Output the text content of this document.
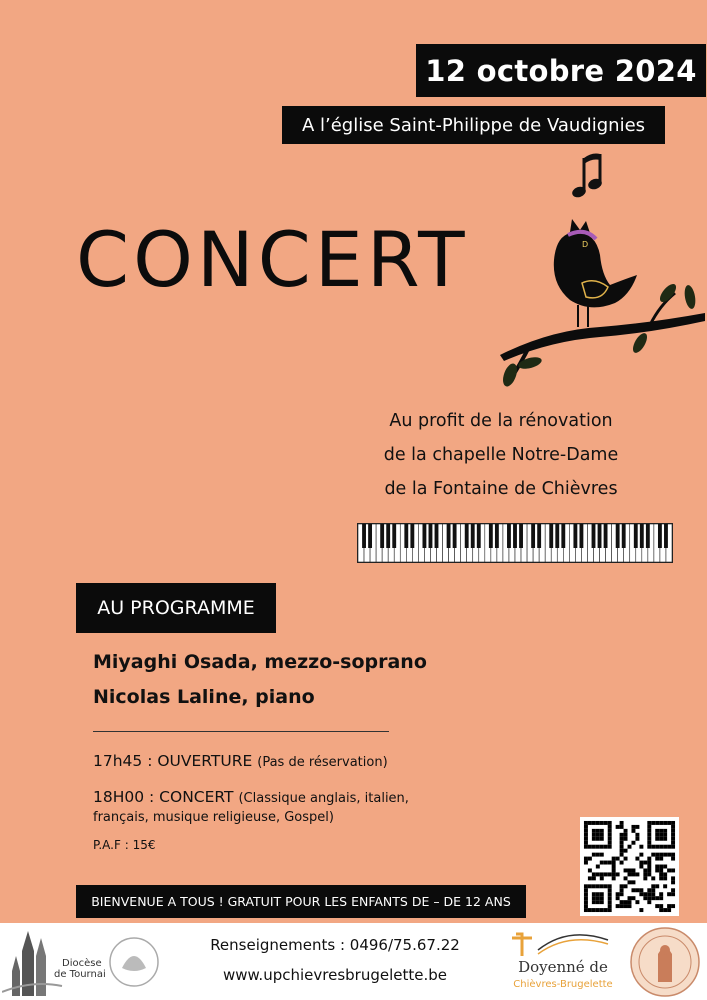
12 octobre 2024
A l’église Saint-Philippe de Vaudignies
CONCERT	D
Au profit de la rénovation
de la chapelle Notre-Dame
de la Fontaine de Chièvres
AU PROGRAMME
Miyaghi Osada, mezzo-soprano
Nicolas Laline, piano
17h45 : OUVERTURE (Pas de réservation)
18H00 : CONCERT (Classique anglais, italien,
français, musique religieuse, Gospel)
P.A.F : 15€
BIENVENUE A TOUS ! GRATUIT POUR LES ENFANTS DE – DE 12 ANS
Diocèse
de Tournai
Renseignements : 0496/75.67.22
www.upchievresbrugelette.be	Doyenné de
Chièvres-Brugelette
